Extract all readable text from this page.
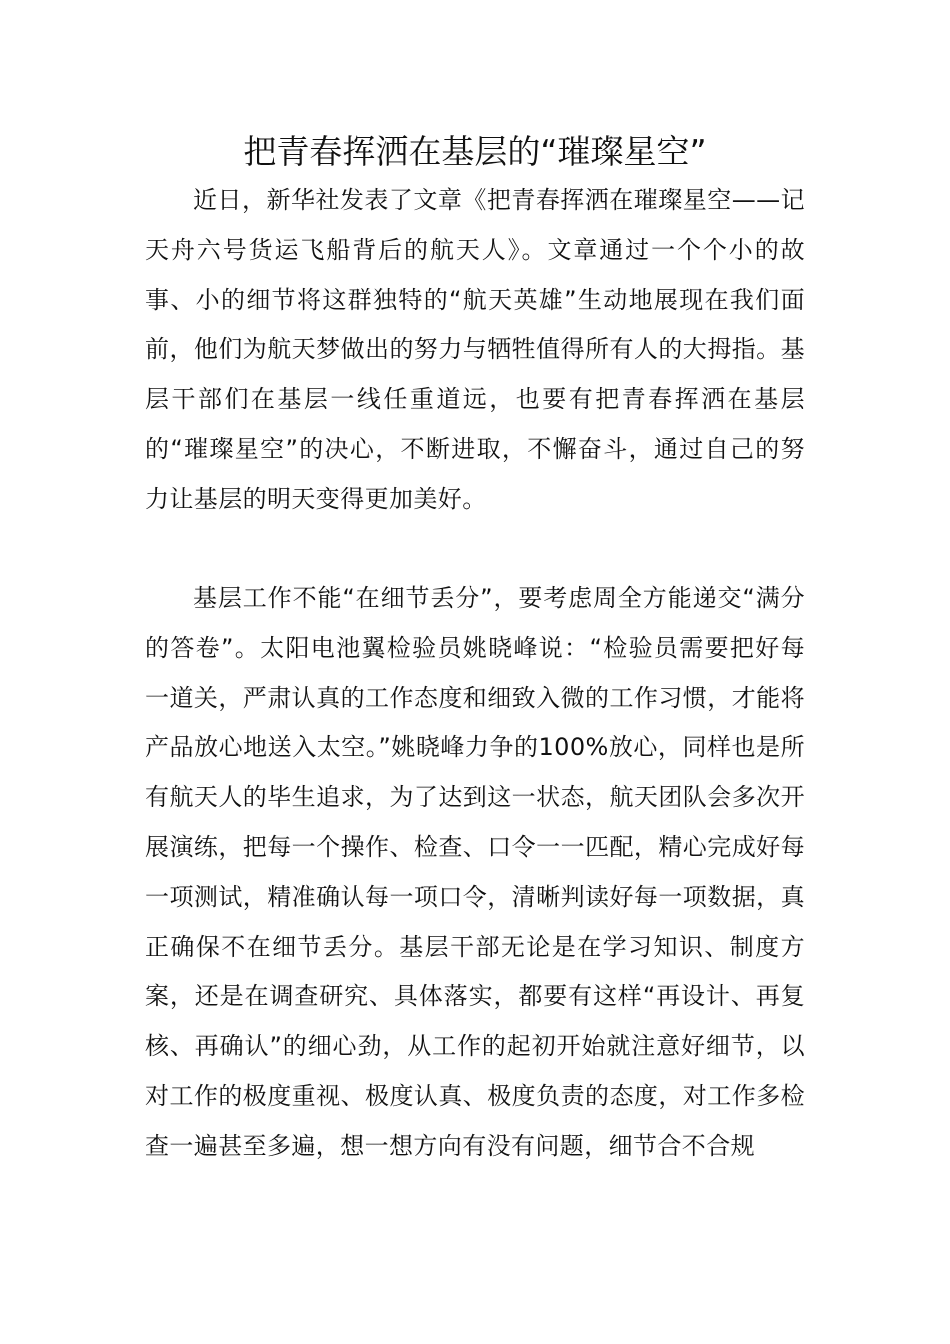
把青春挥洒在基层的“璀璨星空”

近日，新华社发表了文章《把青春挥洒在璀璨星空——记天舟六号货运飞船背后的航天人》。文章通过一个个小的故事、小的细节将这群独特的“航天英雄”生动地展现在我们面前，他们为航天梦做出的努力与牺牲值得所有人的大拇指。基层干部们在基层一线任重道远，也要有把青春挥洒在基层的“璀璨星空”的决心，不断进取，不懈奋斗，通过自己的努力让基层的明天变得更加美好。

基层工作不能“在细节丢分”，要考虑周全方能递交“满分的答卷”。太阳电池翼检验员姚晓峰说：“检验员需要把好每一道关，严肃认真的工作态度和细致入微的工作习惯，才能将产品放心地送入太空。”姚晓峰力争的100%放心，同样也是所有航天人的毕生追求，为了达到这一状态，航天团队会多次开展演练，把每一个操作、检查、口令一一匹配，精心完成好每一项测试，精准确认每一项口令，清晰判读好每一项数据，真正确保不在细节丢分。基层干部无论是在学习知识、制度方案，还是在调查研究、具体落实，都要有这样“再设计、再复核、再确认”的细心劲，从工作的起初开始就注意好细节，以对工作的极度重视、极度认真、极度负责的态度，对工作多检查一遍甚至多遍，想一想方向有没有问题，细节合不合规
